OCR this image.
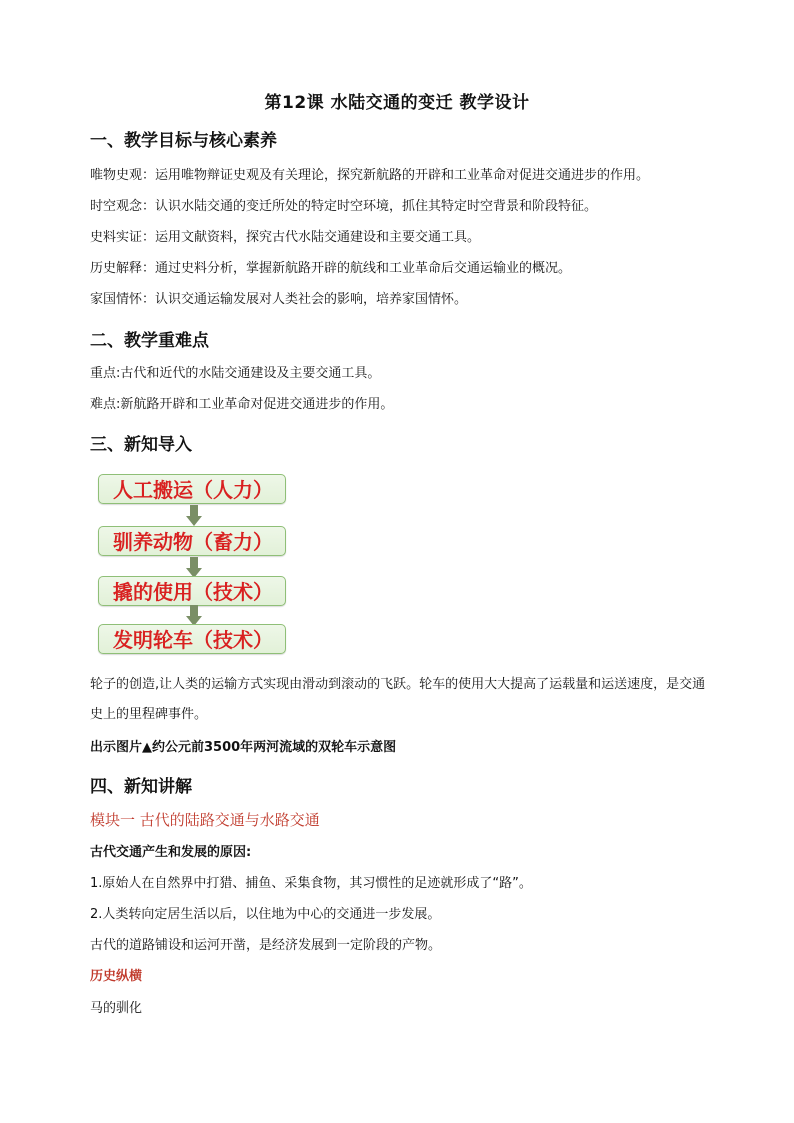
第12课 水陆交通的变迁 教学设计
一、教学目标与核心素养
唯物史观：运用唯物辩证史观及有关理论，探究新航路的开辟和工业革命对促进交通进步的作用。
时空观念：认识水陆交通的变迁所处的特定时空环境，抓住其特定时空背景和阶段特征。
史料实证：运用文献资料，探究古代水陆交通建设和主要交通工具。
历史解释：通过史料分析，掌握新航路开辟的航线和工业革命后交通运输业的概况。
家国情怀：认识交通运输发展对人类社会的影响，培养家国情怀。
二、教学重难点
重点:古代和近代的水陆交通建设及主要交通工具。
难点:新航路开辟和工业革命对促进交通进步的作用。
三、新知导入
人工搬运（人力）
驯养动物（畜力）
撬的使用（技术）
发明轮车（技术）
轮子的创造,让人类的运输方式实现由滑动到滚动的飞跃。轮车的使用大大提高了运载量和运送速度，是交通史上的里程碑事件。
出示图片▲约公元前3500年两河流域的双轮车示意图
四、新知讲解
模块一 古代的陆路交通与水路交通
古代交通产生和发展的原因:
1.原始人在自然界中打猎、捕鱼、采集食物，其习惯性的足迹就形成了“路”。
2.人类转向定居生活以后，以住地为中心的交通进一步发展。
古代的道路铺设和运河开凿，是经济发展到一定阶段的产物。
历史纵横
马的驯化
